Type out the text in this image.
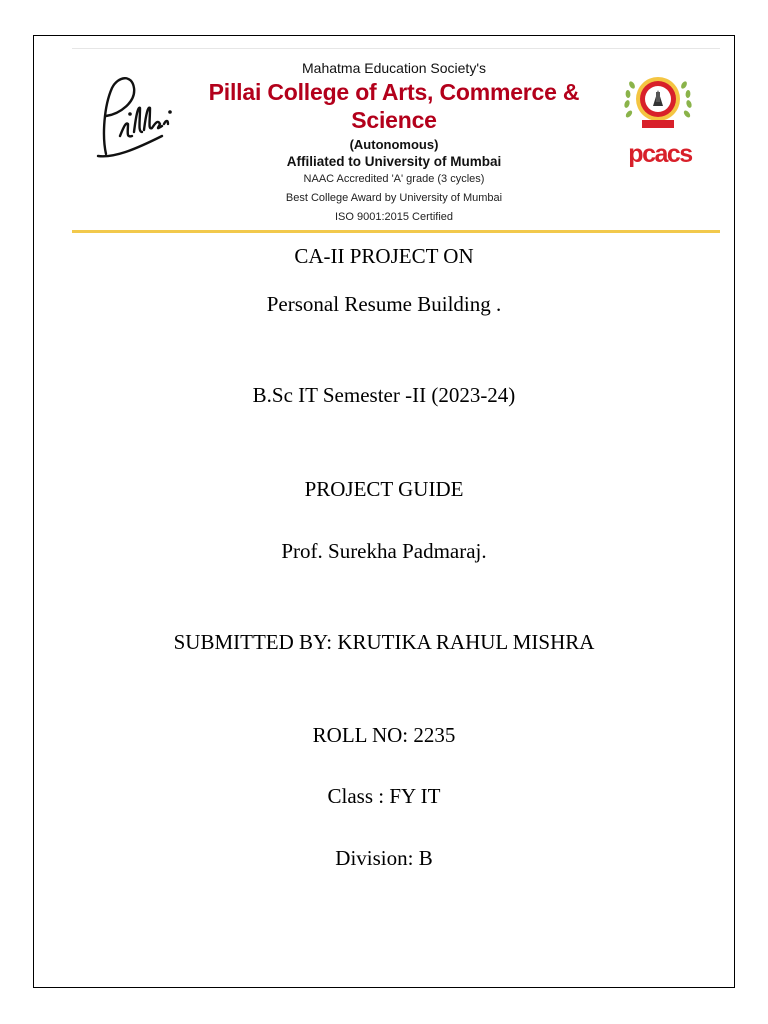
Mahatma Education Society's
Pillai College of Arts, Commerce & Science
(Autonomous)
Affiliated to University of Mumbai
NAAC Accredited 'A' grade (3 cycles)
Best College Award by University of Mumbai
ISO 9001:2015 Certified
pcacs
CA-II PROJECT ON
Personal Resume Building .
B.Sc IT Semester -II (2023-24)
PROJECT GUIDE
Prof. Surekha Padmaraj.
SUBMITTED BY: KRUTIKA RAHUL MISHRA
ROLL NO: 2235
Class : FY IT
Division: B
